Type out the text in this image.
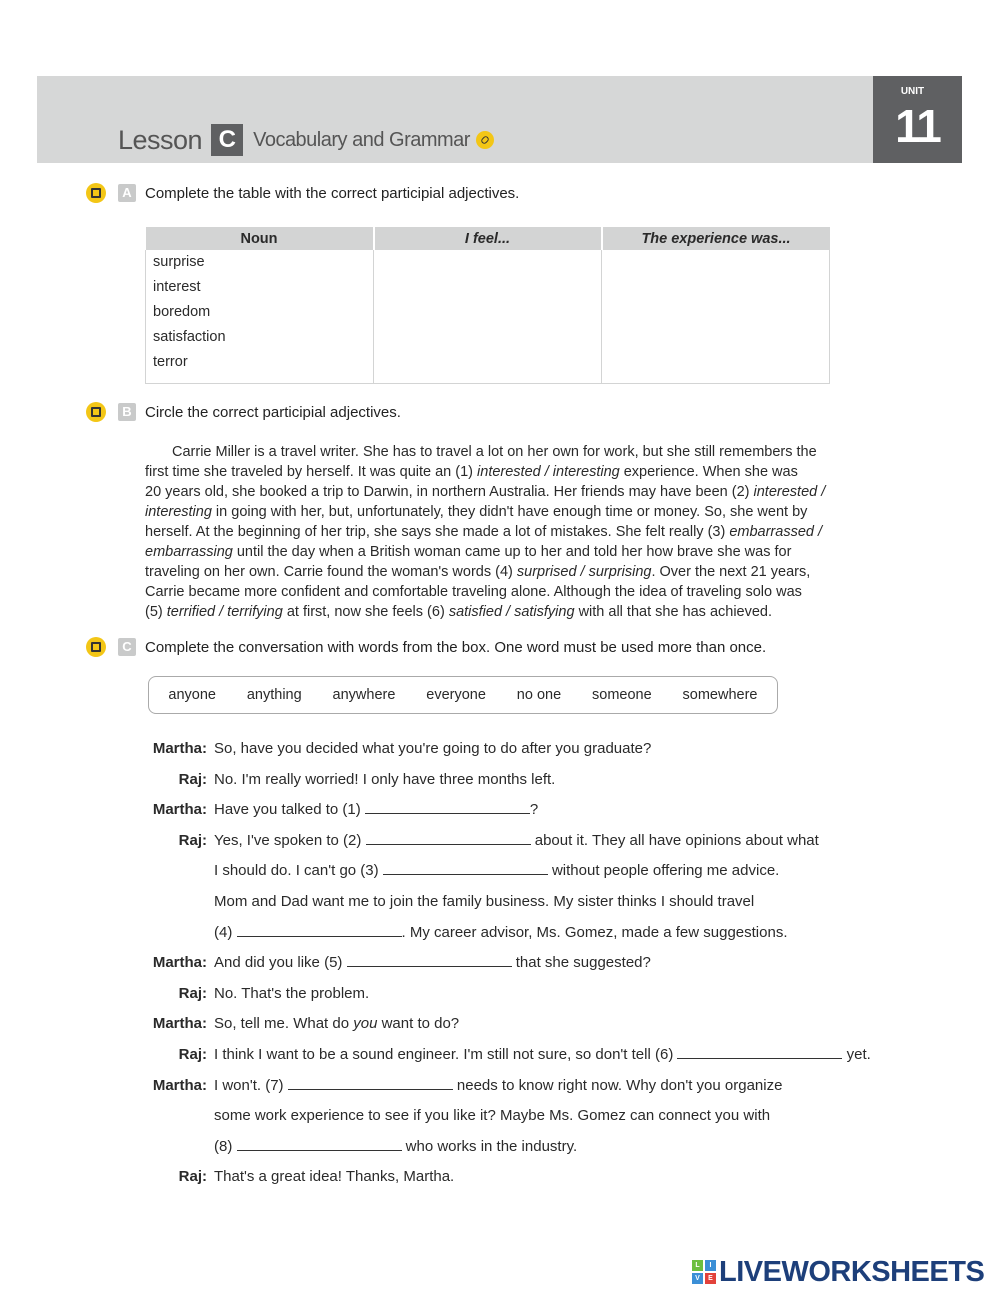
Lesson C Vocabulary and Grammar
UNIT
11
A Complete the table with the correct participial adjectives.
Noun	I feel...	The experience was...

surprise
interest
boredom
satisfaction
terror		

B Circle the correct participial adjectives.
Carrie Miller is a travel writer. She has to travel a lot on her own for work, but she still remembers the
first time she traveled by herself. It was quite an (1) interested / interesting experience. When she was
20 years old, she booked a trip to Darwin, in northern Australia. Her friends may have been (2) interested /
interesting in going with her, but, unfortunately, they didn't have enough time or money. So, she went by
herself. At the beginning of her trip, she says she made a lot of mistakes. She felt really (3) embarrassed /
embarrassing until the day when a British woman came up to her and told her how brave she was for
traveling on her own. Carrie found the woman's words (4) surprised / surprising. Over the next 21 years,
Carrie became more confident and comfortable traveling alone. Although the idea of traveling solo was
(5) terrified / terrifying at first, now she feels (6) satisfied / satisfying with all that she has achieved.
C Complete the conversation with words from the box. One word must be used more than once.
anyone anything anywhere everyone no one someone somewhere
Martha: So, have you decided what you're going to do after you graduate?
Raj: No. I'm really worried! I only have three months left.
Martha: Have you talked to (1)	?
Raj: Yes, I've spoken to (2)	about it. They all have opinions about what
I should do. I can't go (3)	without people offering me advice.
Mom and Dad want me to join the family business. My sister thinks I should travel
(4)	. My career advisor, Ms. Gomez, made a few suggestions.
Martha: And did you like (5)	that she suggested?
Raj: No. That's the problem.
Martha: So, tell me. What do you want to do?
Raj: I think I want to be a sound engineer. I'm still not sure, so don't tell (6)	yet.
Martha: I won't. (7)	needs to know right now. Why don't you organize
some work experience to see if you like it? Maybe Ms. Gomez can connect you with
(8)	who works in the industry.
Raj: That's a great idea! Thanks, Martha.
L	I
V	E LIVEWORKSHEETS
